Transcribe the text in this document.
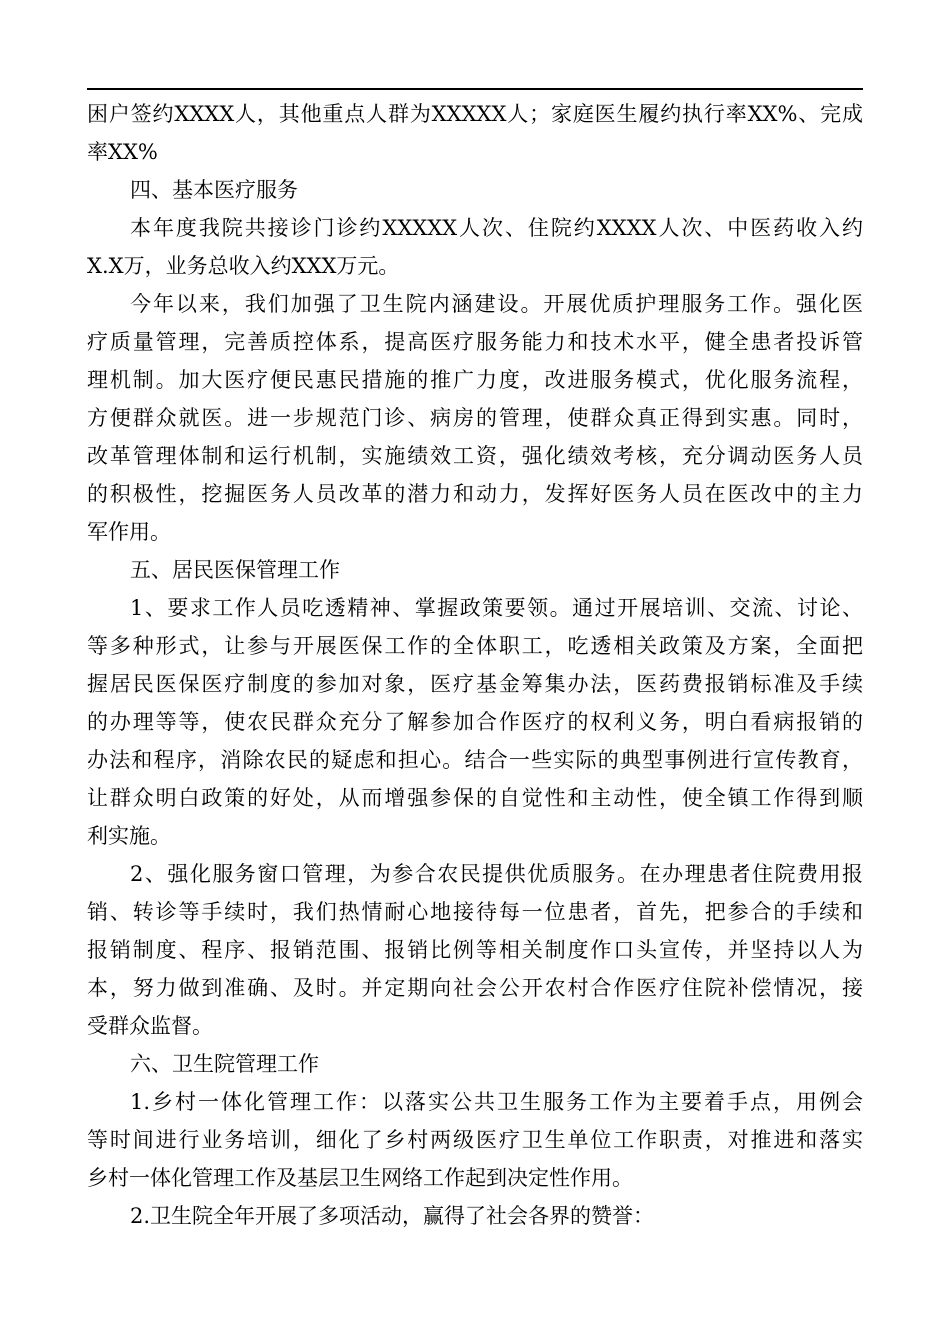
困户签约XXXX人，其他重点人群为XXXXX人；家庭医生履约执行率XX%、完成
率XX%
四、基本医疗服务
本年度我院共接诊门诊约XXXXX人次、住院约XXXX人次、中医药收入约
X.X万，业务总收入约XXX万元。
今年以来，我们加强了卫生院内涵建设。开展优质护理服务工作。强化医
疗质量管理，完善质控体系，提高医疗服务能力和技术水平，健全患者投诉管
理机制。加大医疗便民惠民措施的推广力度，改进服务模式，优化服务流程，
方便群众就医。进一步规范门诊、病房的管理，使群众真正得到实惠。同时，
改革管理体制和运行机制，实施绩效工资，强化绩效考核，充分调动医务人员
的积极性，挖掘医务人员改革的潜力和动力，发挥好医务人员在医改中的主力
军作用。
五、居民医保管理工作
1、要求工作人员吃透精神、掌握政策要领。通过开展培训、交流、讨论、
等多种形式，让参与开展医保工作的全体职工，吃透相关政策及方案，全面把
握居民医保医疗制度的参加对象，医疗基金筹集办法，医药费报销标准及手续
的办理等等，使农民群众充分了解参加合作医疗的权利义务，明白看病报销的
办法和程序，消除农民的疑虑和担心。结合一些实际的典型事例进行宣传教育，
让群众明白政策的好处，从而增强参保的自觉性和主动性，使全镇工作得到顺
利实施。
2、强化服务窗口管理，为参合农民提供优质服务。在办理患者住院费用报
销、转诊等手续时，我们热情耐心地接待每一位患者，首先，把参合的手续和
报销制度、程序、报销范围、报销比例等相关制度作口头宣传，并坚持以人为
本，努力做到准确、及时。并定期向社会公开农村合作医疗住院补偿情况，接
受群众监督。
六、卫生院管理工作
1.乡村一体化管理工作：以落实公共卫生服务工作为主要着手点，用例会
等时间进行业务培训，细化了乡村两级医疗卫生单位工作职责，对推进和落实
乡村一体化管理工作及基层卫生网络工作起到决定性作用。
2.卫生院全年开展了多项活动，赢得了社会各界的赞誉：
